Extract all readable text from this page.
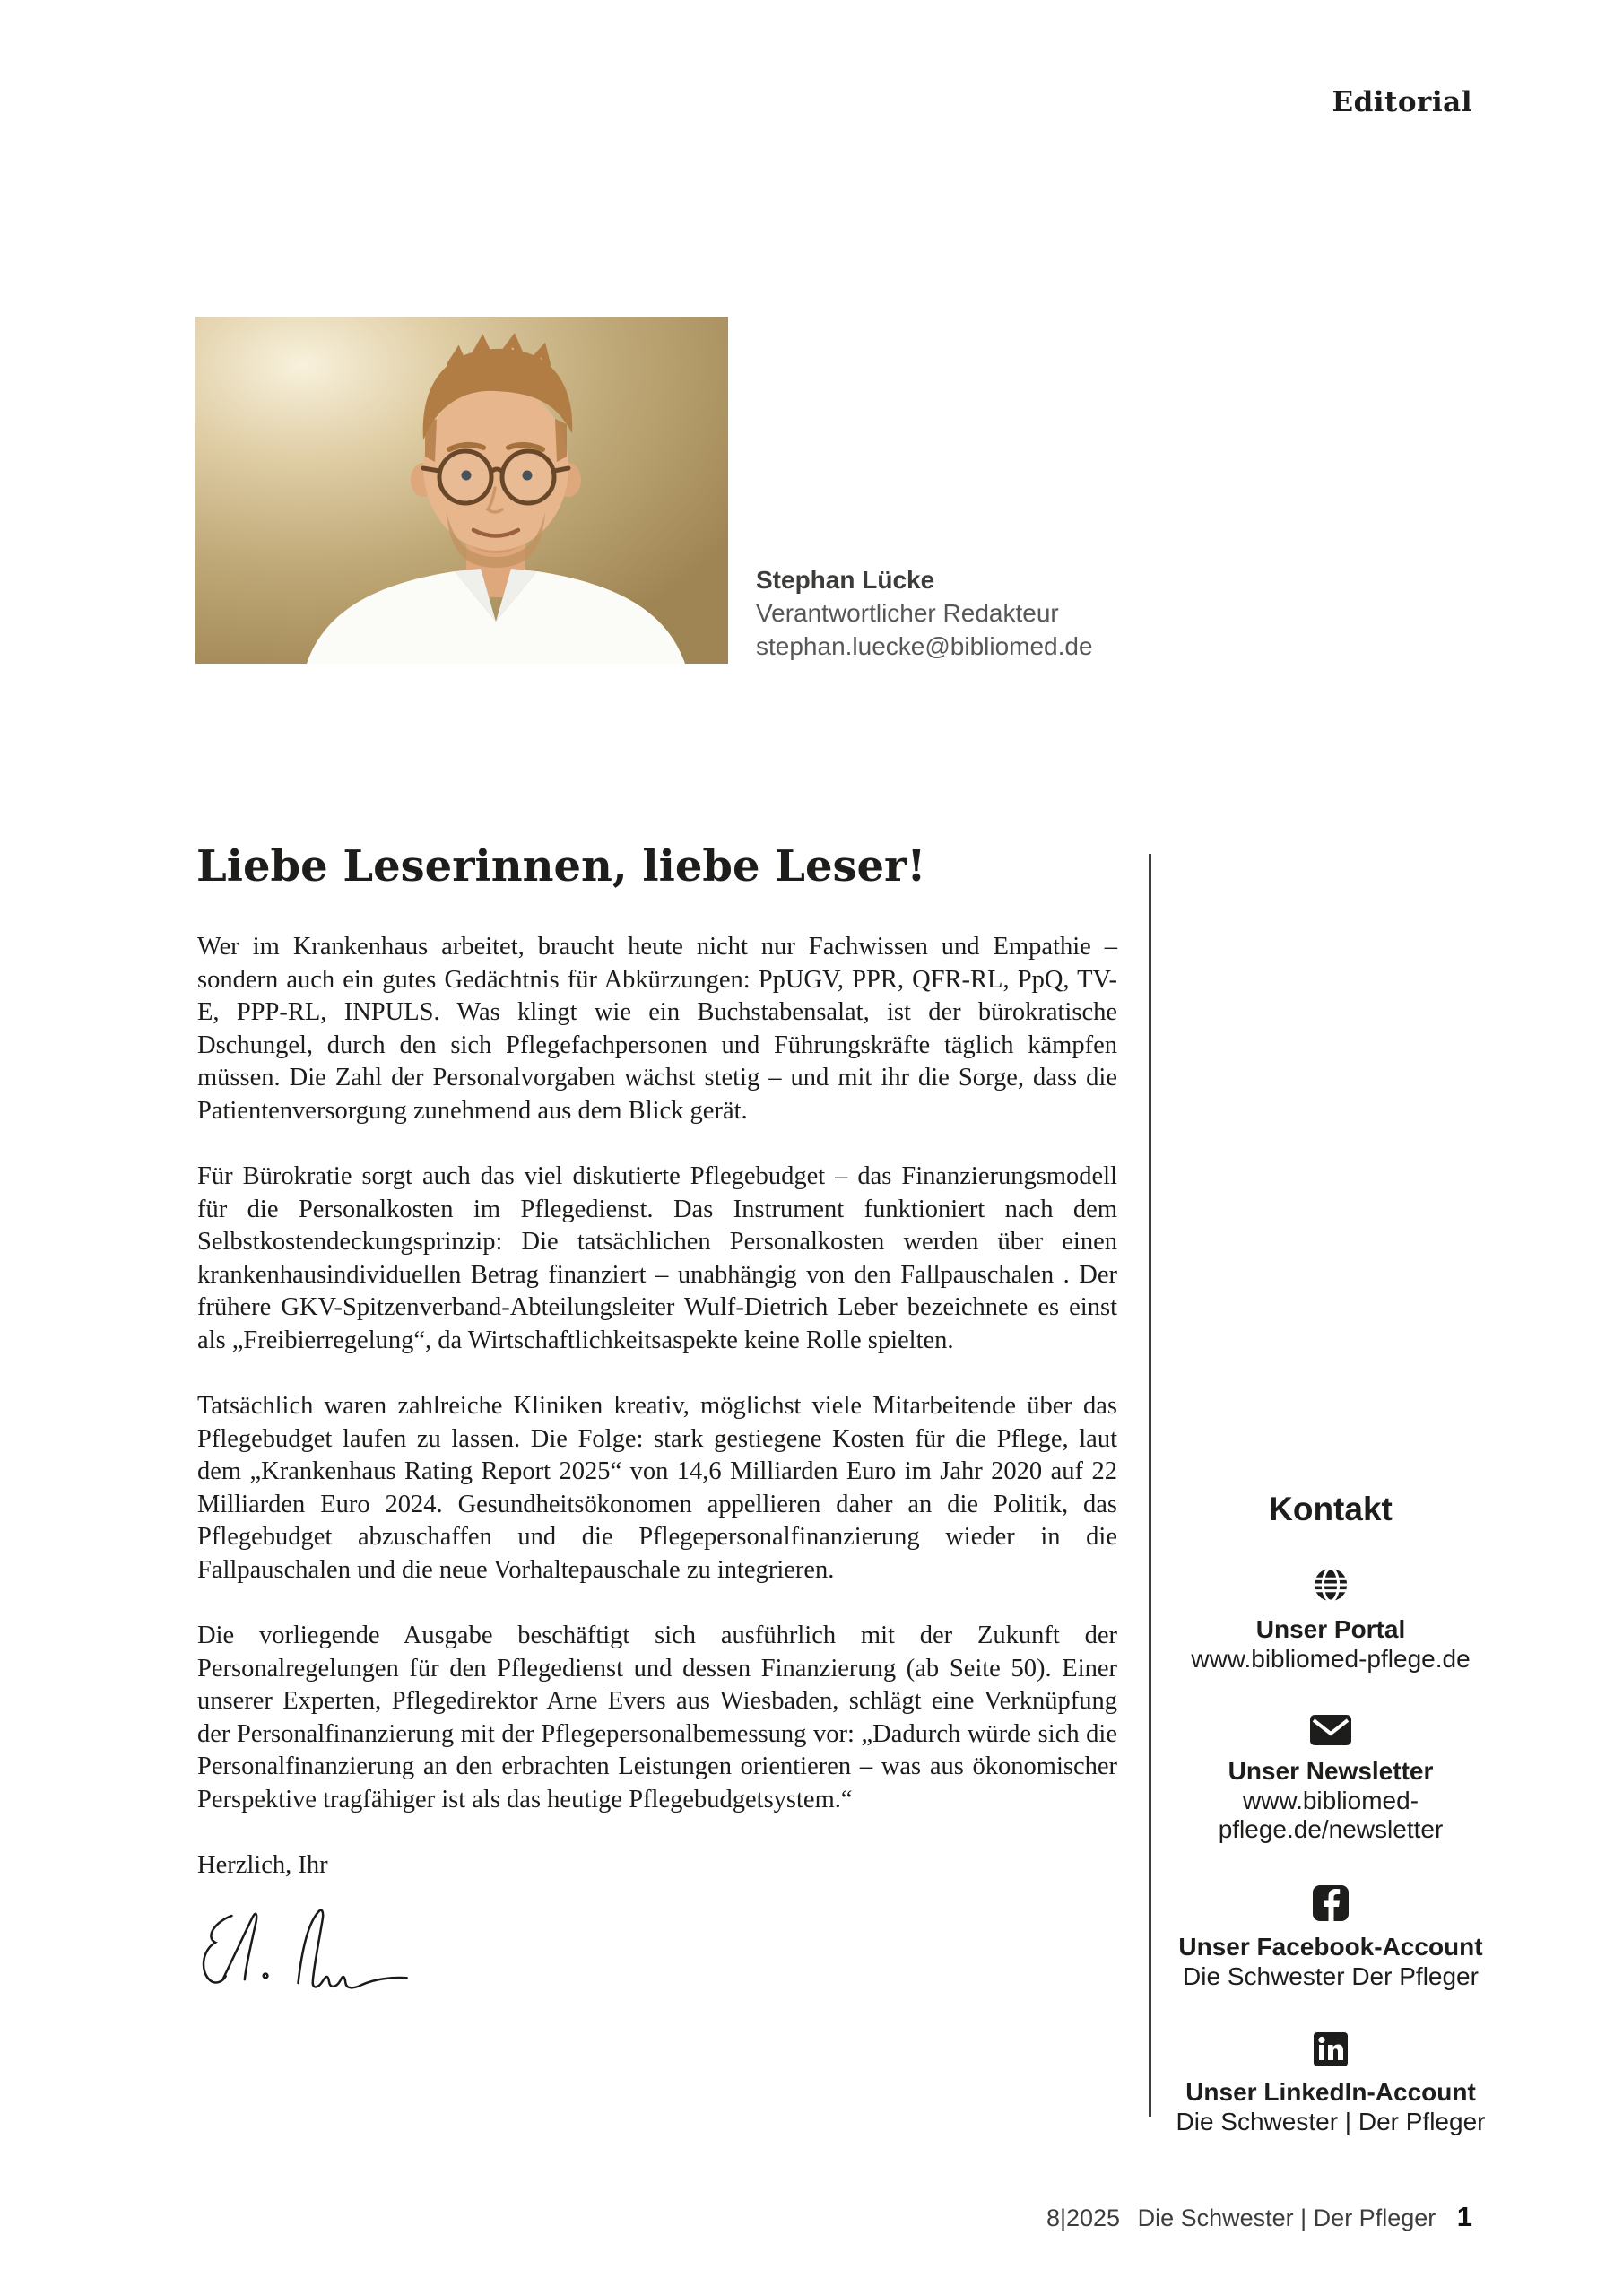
Editorial
Stephan Lücke
Verantwortlicher Redakteur
stephan.luecke@bibliomed.de
Liebe Leserinnen, liebe Leser!

Wer im Krankenhaus arbeitet, braucht heute nicht nur Fachwissen und Empathie – sondern auch ein gutes Gedächtnis für Abkürzungen: PpUGV, PPR, QFR-RL, PpQ, TV-E, PPP-RL, INPULS. Was klingt wie ein Buchstabensalat, ist der bürokratische Dschungel, durch den sich Pflegefachpersonen und Führungskräfte täglich kämpfen müssen. Die Zahl der Personalvorgaben wächst stetig – und mit ihr die Sorge, dass die Patientenversorgung zunehmend aus dem Blick gerät.

Für Bürokratie sorgt auch das viel diskutierte Pflegebudget – das Finanzierungsmodell für die Personalkosten im Pflegedienst. Das Instrument funktioniert nach dem Selbstkostendeckungsprinzip: Die tatsächlichen Personalkosten werden über einen krankenhausindividuellen Betrag finanziert – unabhängig von den Fallpauschalen . Der frühere GKV-Spitzenverband-Abteilungsleiter Wulf-Dietrich Leber bezeichnete es einst als „Freibierregelung“, da Wirtschaftlichkeitsaspekte keine Rolle spielten.

Tatsächlich waren zahlreiche Kliniken kreativ, möglichst viele Mitarbeitende über das Pflegebudget laufen zu lassen. Die Folge: stark gestiegene Kosten für die Pflege, laut dem „Krankenhaus Rating Report 2025“ von 14,6 Milliarden Euro im Jahr 2020 auf 22 Milliarden Euro 2024. Gesundheitsökonomen appellieren daher an die Politik, das Pflegebudget abzuschaffen und die Pflegepersonalfinanzierung wieder in die Fallpauschalen und die neue Vorhaltepauschale zu integrieren.

Die vorliegende Ausgabe beschäftigt sich ausführlich mit der Zukunft der Personalregelungen für den Pflegedienst und dessen Finanzierung (ab Seite 50). Einer unserer Experten, Pflegedirektor Arne Evers aus Wiesbaden, schlägt eine Verknüpfung der Personalfinanzierung mit der Pflegepersonalbemessung vor: „Dadurch würde sich die Personalfinanzierung an den erbrachten Leistungen orientieren – was aus ökonomischer Perspektive tragfähiger ist als das heutige Pflegebudgetsystem.“

Herzlich, Ihr

Kontakt
Unser Portal
www.bibliomed-pflege.de
Unser Newsletter
www.bibliomed-pflege.de/newsletter
Unser Facebook-Account
Die Schwester Der Pfleger
Unser LinkedIn-Account
Die Schwester | Der Pfleger
8|2025 Die Schwester | Der Pfleger 1
